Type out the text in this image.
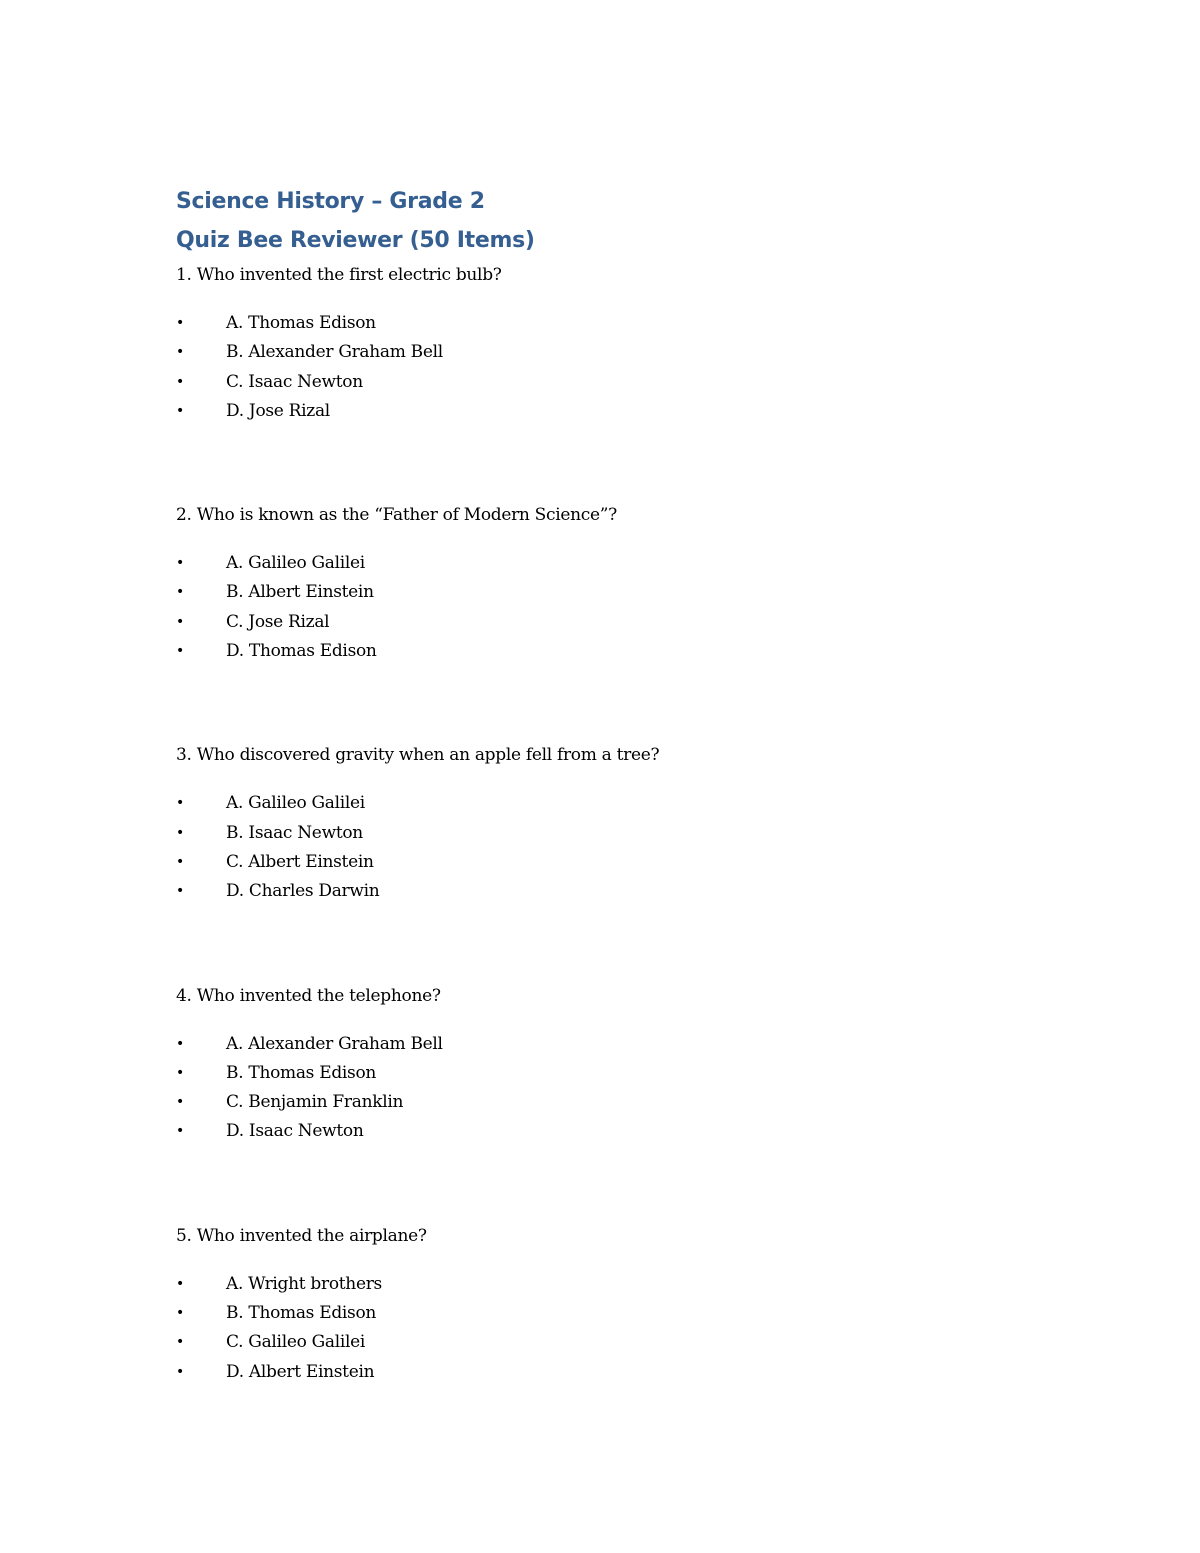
Science History – Grade 2
Quiz Bee Reviewer (50 Items)

1. Who invented the first electric bulb?

•	A. Thomas Edison
•	B. Alexander Graham Bell
•	C. Isaac Newton
•	D. Jose Rizal

2. Who is known as the “Father of Modern Science”?

•	A. Galileo Galilei
•	B. Albert Einstein
•	C. Jose Rizal
•	D. Thomas Edison

3. Who discovered gravity when an apple fell from a tree?

•	A. Galileo Galilei
•	B. Isaac Newton
•	C. Albert Einstein
•	D. Charles Darwin

4. Who invented the telephone?

•	A. Alexander Graham Bell
•	B. Thomas Edison
•	C. Benjamin Franklin
•	D. Isaac Newton

5. Who invented the airplane?

•	A. Wright brothers
•	B. Thomas Edison
•	C. Galileo Galilei
•	D. Albert Einstein
